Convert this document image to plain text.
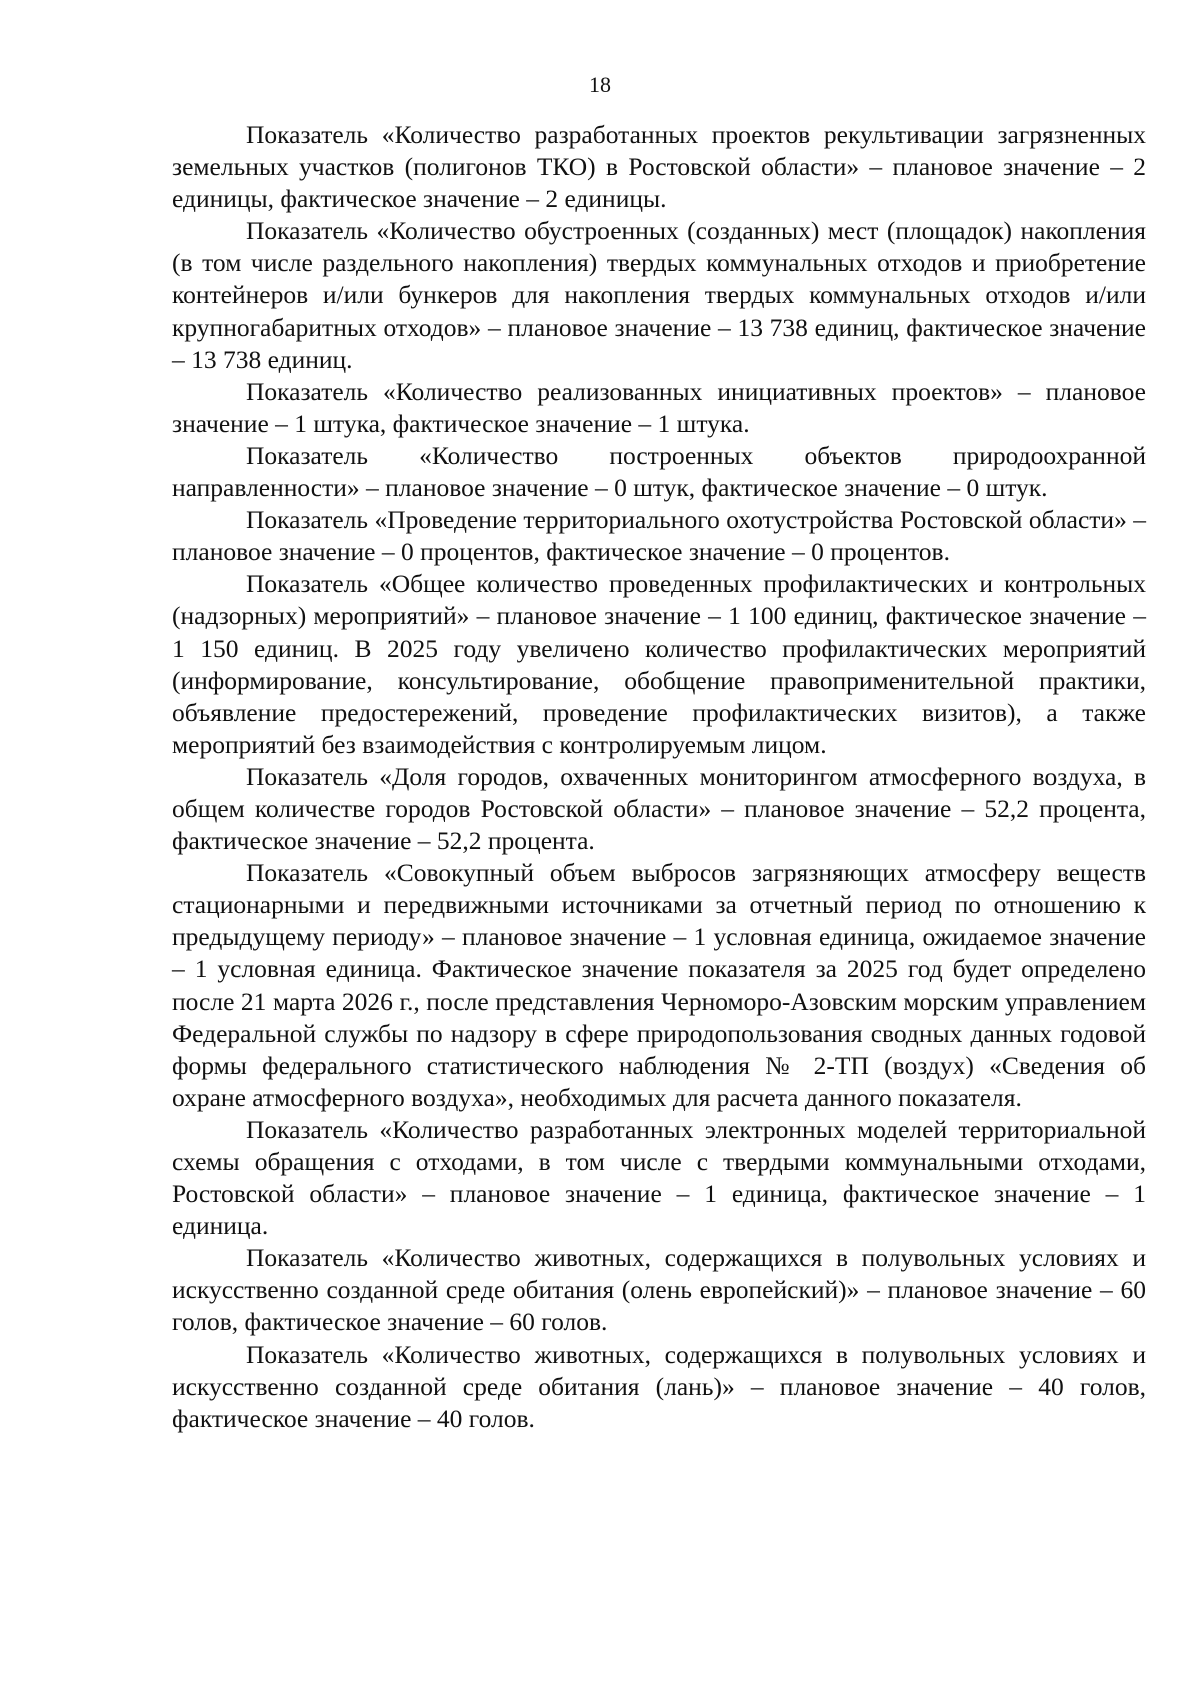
18

Показатель «Количество разработанных проектов рекультивации загрязненных земельных участков (полигонов ТКО) в Ростовской области» – плановое значение – 2 единицы, фактическое значение – 2 единицы.

Показатель «Количество обустроенных (созданных) мест (площадок) накопления (в том числе раздельного накопления) твердых коммунальных отходов и приобретение контейнеров и/или бункеров для накопления твердых коммунальных отходов и/или крупногабаритных отходов» – плановое значение – 13 738 единиц, фактическое значение – 13 738 единиц.

Показатель «Количество реализованных инициативных проектов» – плановое значение – 1 штука, фактическое значение – 1 штука.

Показатель «Количество построенных объектов природоохранной направленности» – плановое значение – 0 штук, фактическое значение – 0 штук.

Показатель «Проведение территориального охотустройства Ростовской области» – плановое значение – 0 процентов, фактическое значение – 0 процентов.

Показатель «Общее количество проведенных профилактических и контрольных (надзорных) мероприятий» – плановое значение – 1 100 единиц, фактическое значение – 1 150 единиц. В 2025 году увеличено количество профилактических мероприятий (информирование, консультирование, обобщение правоприменительной практики, объявление предостережений, проведение профилактических визитов), а также мероприятий без взаимодействия с контролируемым лицом.

Показатель «Доля городов, охваченных мониторингом атмосферного воздуха, в общем количестве городов Ростовской области» – плановое значение – 52,2 процента, фактическое значение – 52,2 процента.

Показатель «Совокупный объем выбросов загрязняющих атмосферу веществ стационарными и передвижными источниками за отчетный период по отношению к предыдущему периоду» – плановое значение – 1 условная единица, ожидаемое значение – 1 условная единица. Фактическое значение показателя за 2025 год будет определено после 21 марта 2026 г., после представления Черноморо-Азовским морским управлением Федеральной службы по надзору в сфере природопользования сводных данных годовой формы федерального статистического наблюдения № 2-ТП (воздух) «Сведения об охране атмосферного воздуха», необходимых для расчета данного показателя.

Показатель «Количество разработанных электронных моделей территориальной схемы обращения с отходами, в том числе с твердыми коммунальными отходами, Ростовской области» – плановое значение – 1 единица, фактическое значение – 1 единица.

Показатель «Количество животных, содержащихся в полувольных условиях и искусственно созданной среде обитания (олень европейский)» – плановое значение – 60 голов, фактическое значение – 60 голов.

Показатель «Количество животных, содержащихся в полувольных условиях и искусственно созданной среде обитания (лань)» – плановое значение – 40 голов, фактическое значение – 40 голов.
